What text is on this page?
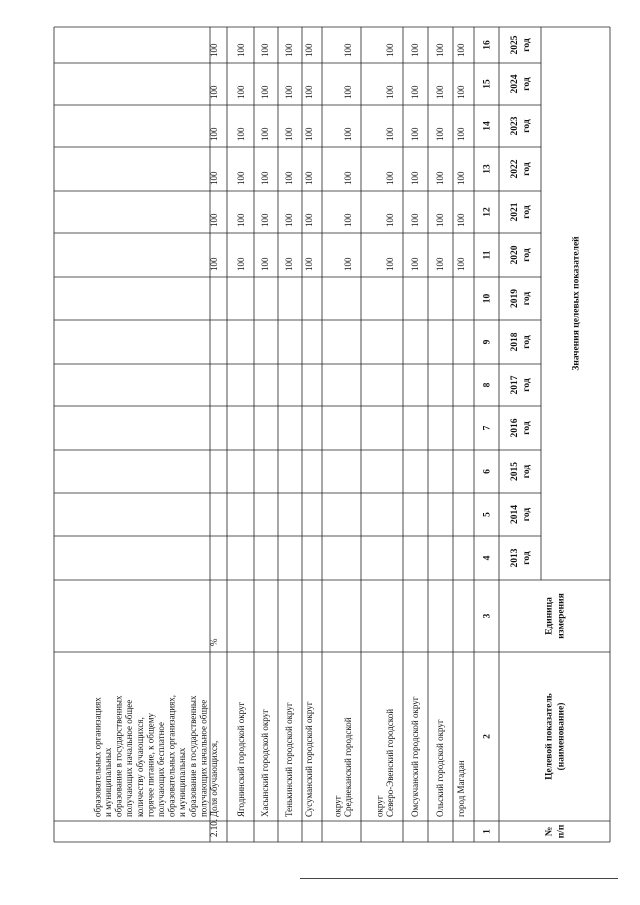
№ п/п
Целевой показатель (наименование)
Единица измерения
Значения целевых показателей
2013 год
2014 год
2015 год
2016 год
2017 год
2018 год
2019 год
2020 год
2021 год
2022 год
2023 год
2024 год
2025 год
1
2
3
4
5
6
7
8
9
10
11
12
13
14
15
16
город Магадан
100
100
100
100
100
100
Ольский городской округ
100
100
100
100
100
100
Омсукчанский городской округ
100
100
100
100
100
100
Северо-Эвенский городской
округ
100
100
100
100
100
100
Среднеканский городской
округ
100
100
100
100
100
100
Сусуманский городской округ
100
100
100
100
100
100
Тенькинский городской округ
100
100
100
100
100
100
Хасынский городской округ
100
100
100
100
100
100
Ягоднинский городской округ
100
100
100
100
100
100
2.10.
Доля обучающихся,
получающих начальное общее
образование в государственных
и муниципальных
образовательных организациях,
получающих бесплатное
горячее питание, к общему
количеству обучающихся,
получающих начальное общее
образование в государственных
и муниципальных
образовательных организациях
%
100
100
100
100
100
100
